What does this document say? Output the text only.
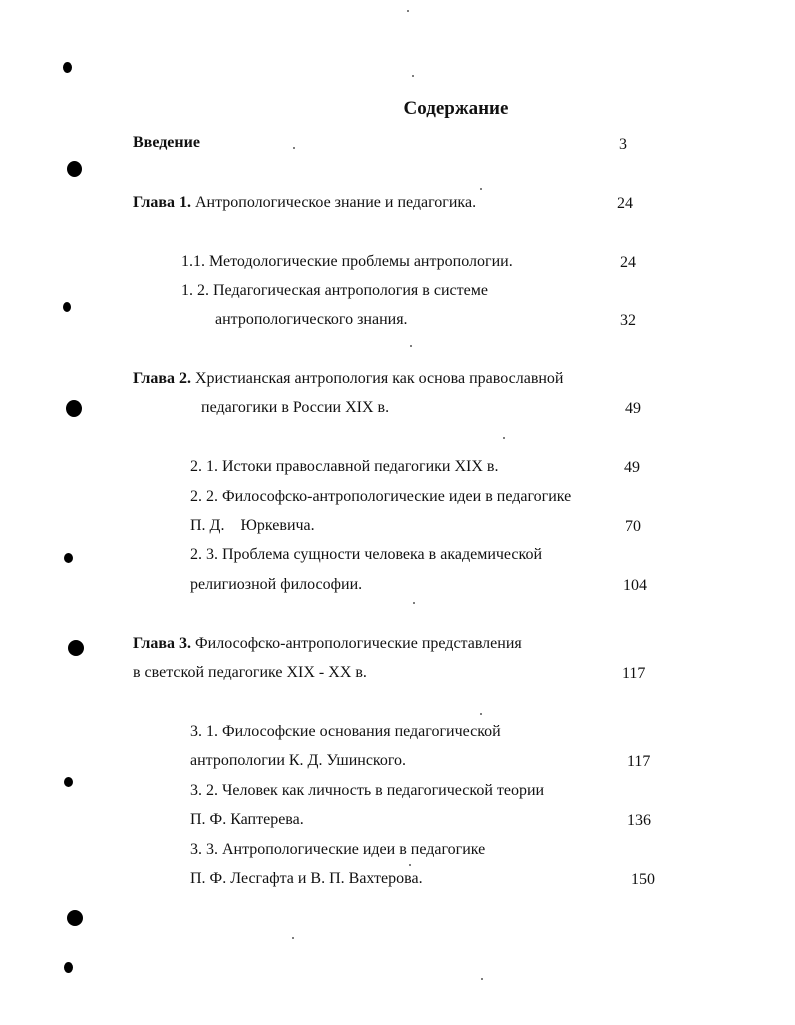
Содержание
Введение	3
Глава 1. Антропологическое знание и педагогика.	24
1.1. Методологические проблемы антропологии.	24
1. 2. Педагогическая антропология в системе
антропологического знания.	32
Глава 2. Христианская антропология как основа православной
педагогики в России XIX в.	49
2. 1. Истоки православной педагогики XIX в.	49
2. 2. Философско-антропологические идеи в педагогике
П. Д.    Юркевича.	70
2. 3. Проблема сущности человека в академической
религиозной философии.	104
Глава 3. Философско-антропологические представления
в светской педагогике XIX - XX в.	117
3. 1. Философские основания педагогической
антропологии К. Д. Ушинского.	117
3. 2. Человек как личность в педагогической теории
П. Ф. Каптерева.	136
3. 3. Антропологические идеи в педагогике
П. Ф. Лесгафта и В. П. Вахтерова.	150
